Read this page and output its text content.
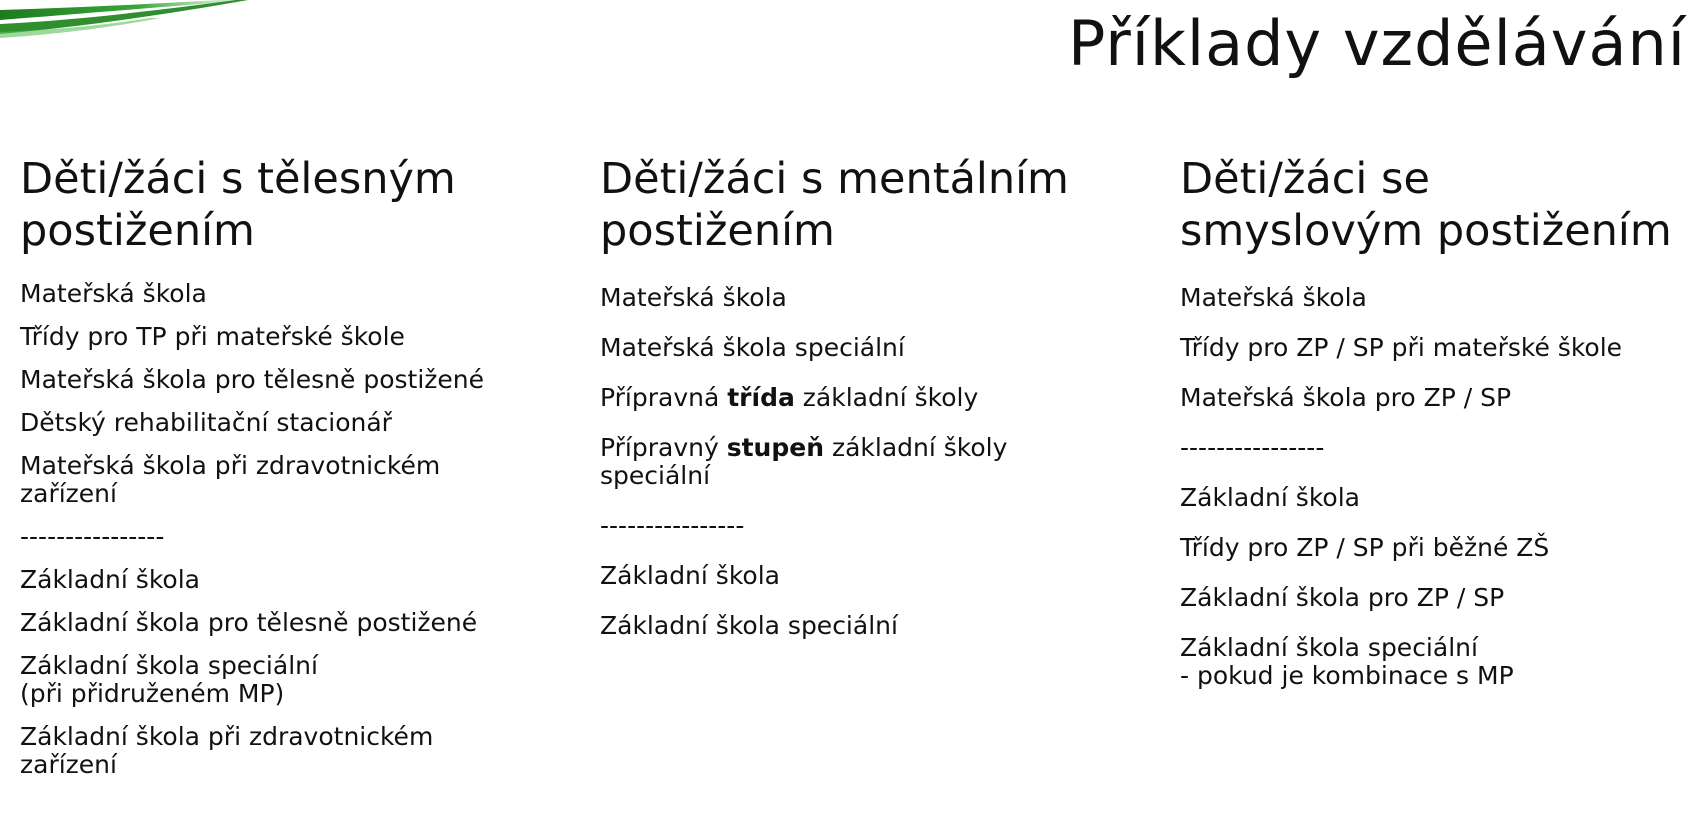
Příklady vzdělávání
Děti/žáci s tělesným
postižením
Mateřská škola
Třídy pro TP při mateřské škole
Mateřská škola pro tělesně postižené
Dětský rehabilitační stacionář
Mateřská škola při zdravotnickém
zařízení
----------------
Základní škola
Základní škola pro tělesně postižené
Základní škola speciální
(při přidruženém MP)
Základní škola při zdravotnickém
zařízení
Děti/žáci s mentálním
postižením
Mateřská škola
Mateřská škola speciální
Přípravná třída základní školy
Přípravný stupeň základní školy
speciální
----------------
Základní škola
Základní škola speciální
Děti/žáci se
smyslovým postižením
Mateřská škola
Třídy pro ZP / SP při mateřské škole
Mateřská škola pro ZP / SP
----------------
Základní škola
Třídy pro ZP / SP při běžné ZŠ
Základní škola pro ZP / SP
Základní škola speciální
- pokud je kombinace s MP
